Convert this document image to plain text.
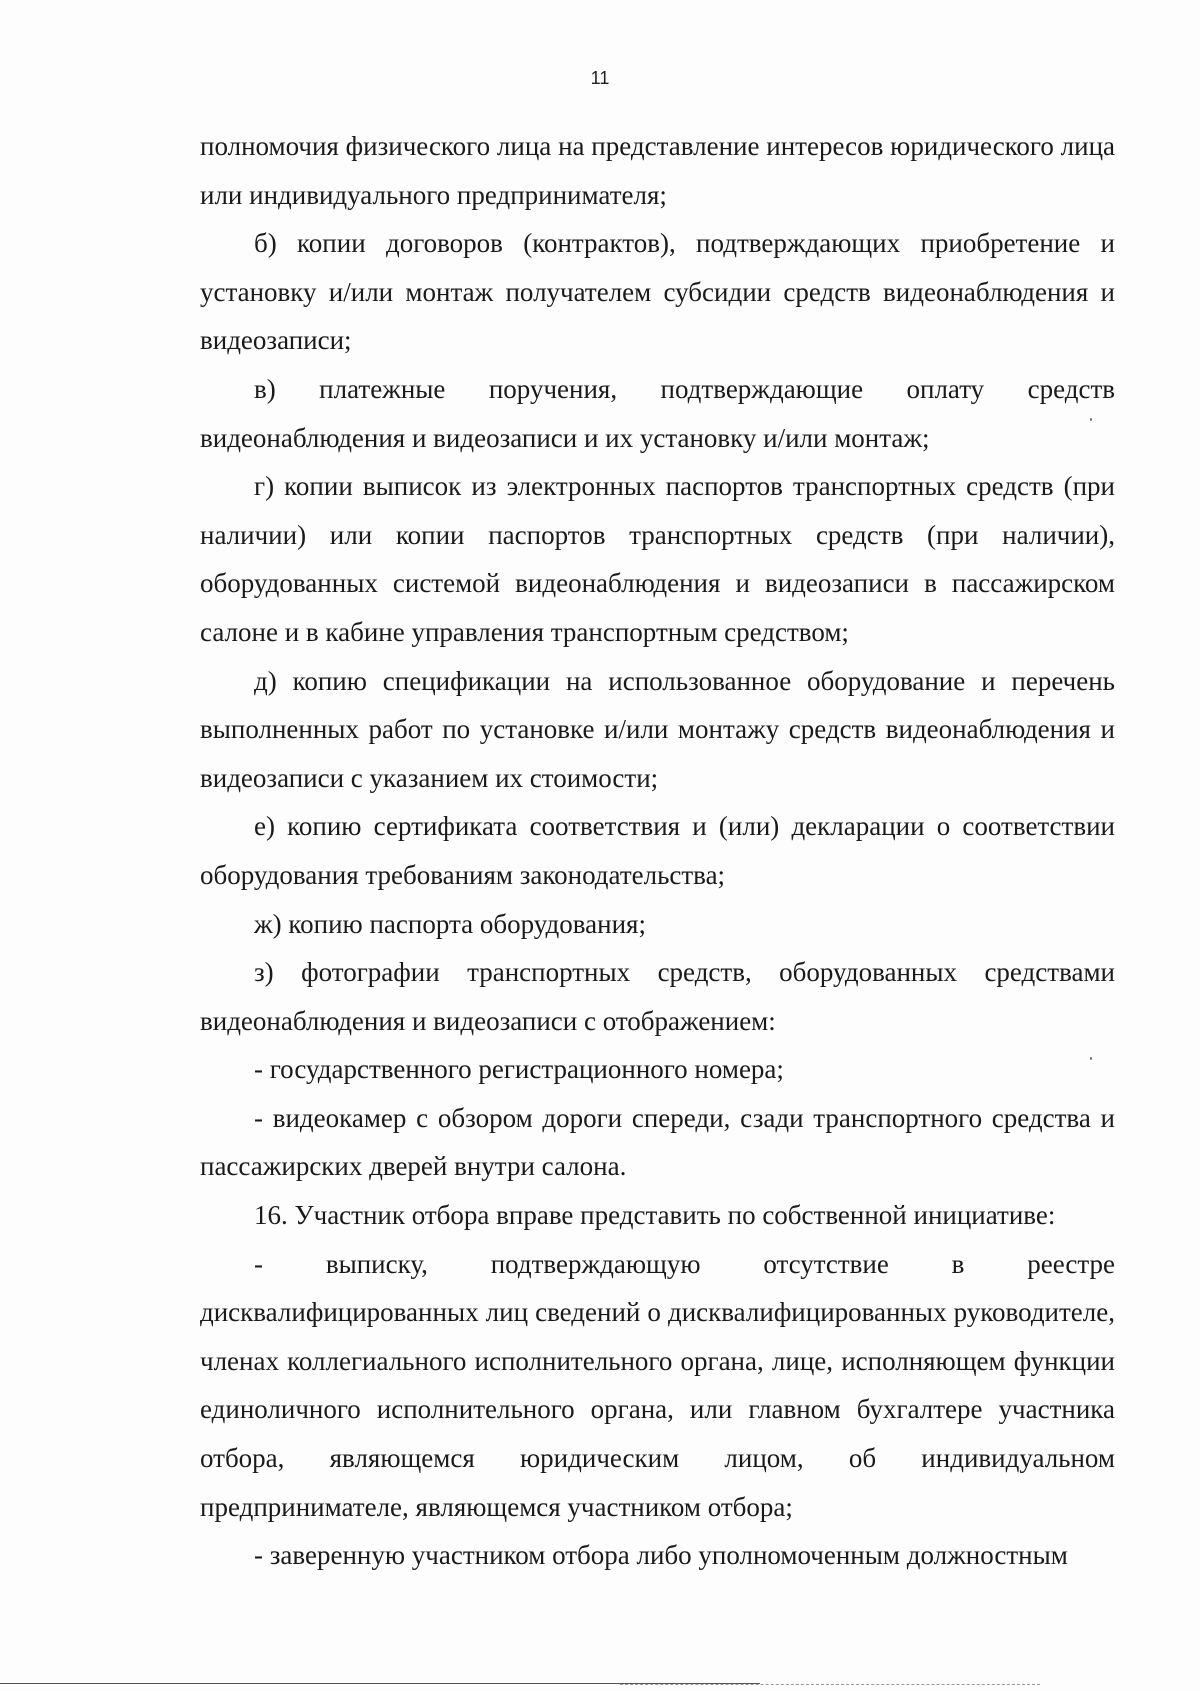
11

полномочия физического лица на представление интересов юридического лица или индивидуального предпринимателя;

б) копии договоров (контрактов), подтверждающих приобретение и установку и/или монтаж получателем субсидии средств видеонаблюдения и видеозаписи;

в) платежные поручения, подтверждающие оплату средств видеонаблюдения и видеозаписи и их установку и/или монтаж;

г) копии выписок из электронных паспортов транспортных средств (при наличии) или копии паспортов транспортных средств (при наличии), оборудованных системой видеонаблюдения и видеозаписи в пассажирском салоне и в кабине управления транспортным средством;

д) копию спецификации на использованное оборудование и перечень выполненных работ по установке и/или монтажу средств видеонаблюдения и видеозаписи с указанием их стоимости;

е) копию сертификата соответствия и (или) декларации о соответствии оборудования требованиям законодательства;

ж) копию паспорта оборудования;

з) фотографии транспортных средств, оборудованных средствами видеонаблюдения и видеозаписи с отображением:

- государственного регистрационного номера;

- видеокамер с обзором дороги спереди, сзади транспортного средства и пассажирских дверей внутри салона.

16. Участник отбора вправе представить по собственной инициативе:

- выписку, подтверждающую отсутствие в реестре дисквалифицированных лиц сведений о дисквалифицированных руководителе, членах коллегиального исполнительного органа, лице, исполняющем функции единоличного исполнительного органа, или главном бухгалтере участника отбора, являющемся юридическим лицом, об индивидуальном предпринимателе, являющемся участником отбора;

- заверенную участником отбора либо уполномоченным должностным
